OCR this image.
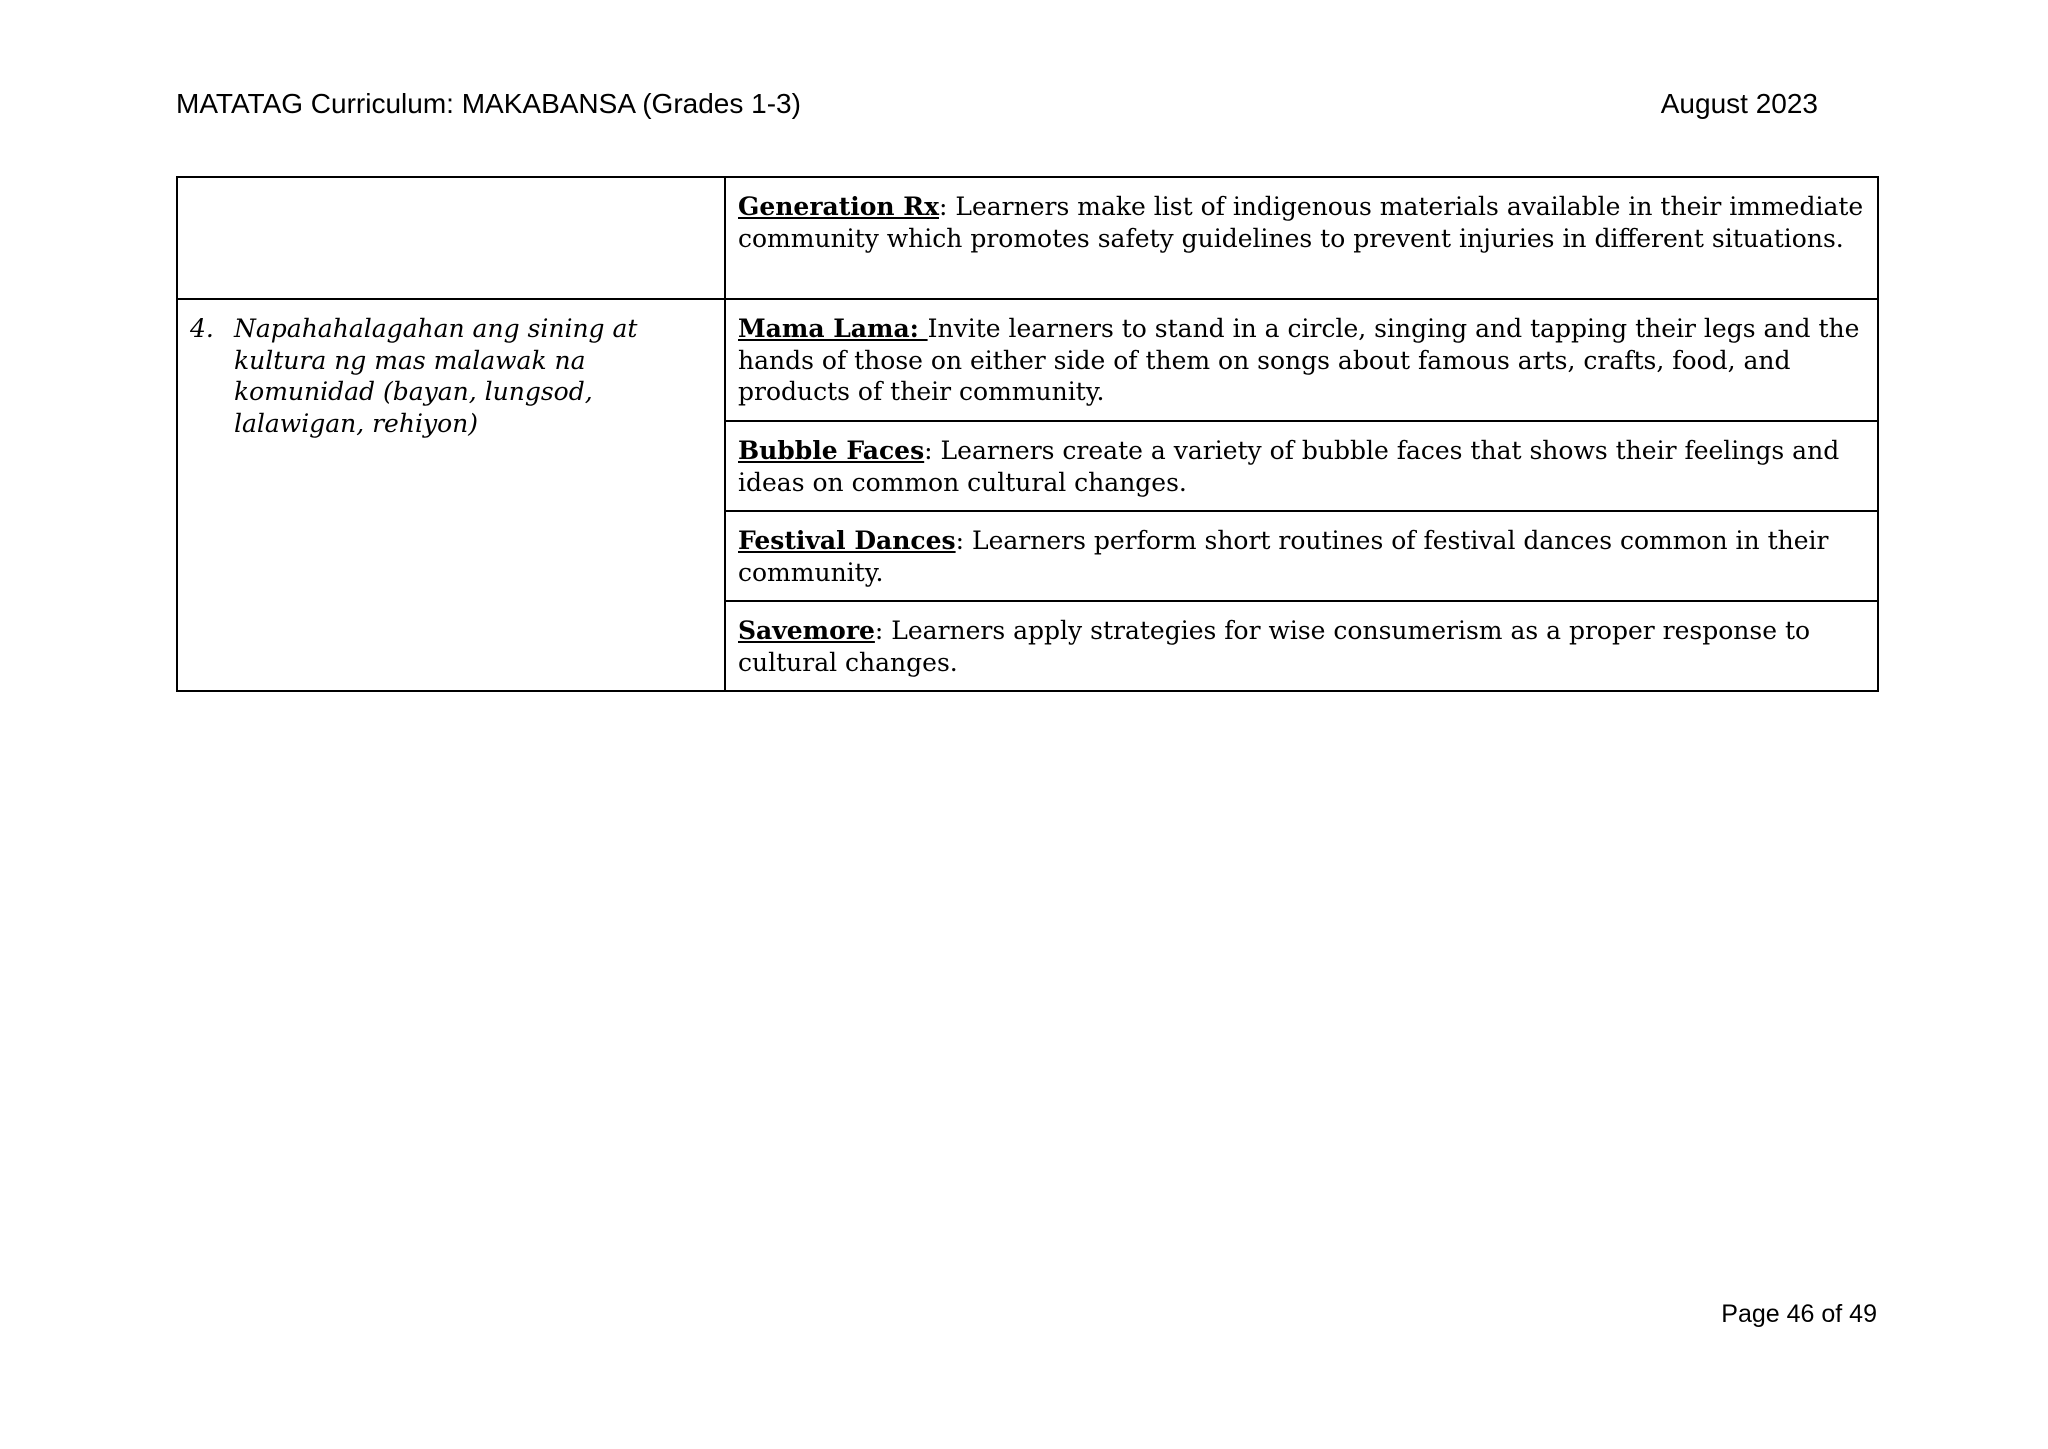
MATATAG Curriculum: MAKABANSA (Grades 1-3)	August 2023
	Generation Rx: Learners make list of indigenous materials available in their immediate community which promotes safety guidelines to prevent injuries in different situations.

4. Napahahalagahan ang sining at kultura ng mas malawak na komunidad (bayan, lungsod, lalawigan, rehiyon)	Mama Lama: Invite learners to stand in a circle, singing and tapping their legs and the hands of those on either side of them on songs about famous arts, crafts, food, and products of their community.
	Bubble Faces: Learners create a variety of bubble faces that shows their feelings and ideas on common cultural changes.
	Festival Dances: Learners perform short routines of festival dances common in their community.
	Savemore: Learners apply strategies for wise consumerism as a proper response to cultural changes.
Page 46 of 49
